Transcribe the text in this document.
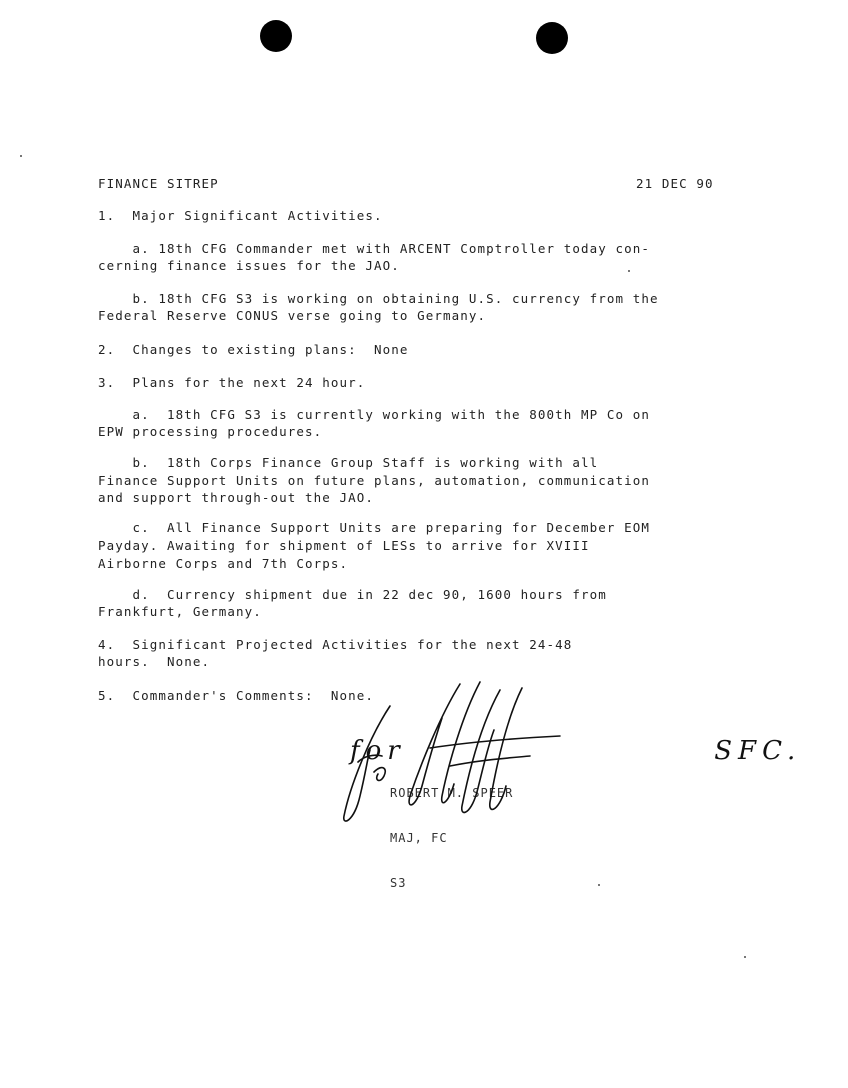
FINANCE SITREP	21 DEC 90
1.  Major Significant Activities.
a. 18th CFG Commander met with ARCENT Comptroller today con-
cerning finance issues for the JAO.
b. 18th CFG S3 is working on obtaining U.S. currency from the
Federal Reserve CONUS verse going to Germany.
2.  Changes to existing plans:  None
3.  Plans for the next 24 hour.
a.  18th CFG S3 is currently working with the 800th MP Co on
EPW processing procedures.
b.  18th Corps Finance Group Staff is working with all
Finance Support Units on future plans, automation, communication
and support through-out the JAO.
c.  All Finance Support Units are preparing for December EOM
Payday. Awaiting for shipment of LESs to arrive for XVIII
Airborne Corps and 7th Corps.
d.  Currency shipment due in 22 dec 90, 1600 hours from
Frankfurt, Germany.
4.  Significant Projected Activities for the next 24-48
hours.  None.
5.  Commander's Comments:  None.

ROBERT M. SPEER

MAJ, FC

S3

for  SFC.
